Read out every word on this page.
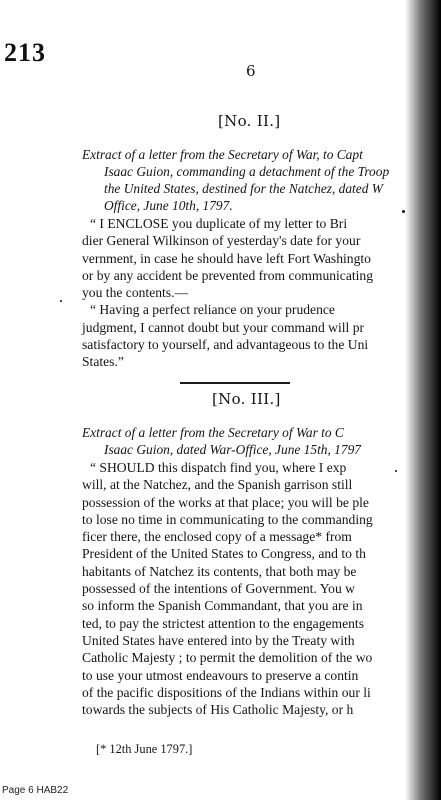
213
6
[No. II.]
Extract of a letter from the Secretary of War, to Capt
Isaac Guion, commanding a detachment of the Troop
the United States, destined for the Natchez, dated W
Office, June 10th, 1797.
“ I ENCLOSE you duplicate of my letter to Bri
dier General Wilkinson of yesterday's date for your
vernment, in case he should have left Fort Washingto
or by any accident be prevented from communicating
you the contents.—
“ Having a perfect reliance on your prudence
judgment, I cannot doubt but your command will pr
satisfactory to yourself, and advantageous to the Uni
States.”
[No. III.]
Extract of a letter from the Secretary of War to C
Isaac Guion, dated War-Office, June 15th, 1797
“ SHOULD this dispatch find you, where I exp
will, at the Natchez, and the Spanish garrison still
possession of the works at that place; you will be ple
to lose no time in communicating to the commanding
ficer there, the enclosed copy of a message* from
President of the United States to Congress, and to th
habitants of Natchez its contents, that both may be
possessed of the intentions of Government. You w
so inform the Spanish Commandant, that you are in
ted, to pay the strictest attention to the engagements
United States have entered into by the Treaty with
Catholic Majesty ; to permit the demolition of the wo
to use your utmost endeavours to preserve a contin
of the pacific dispositions of the Indians within our li
towards the subjects of His Catholic Majesty, or h
[* 12th June 1797.]
Page 6 HAB22
